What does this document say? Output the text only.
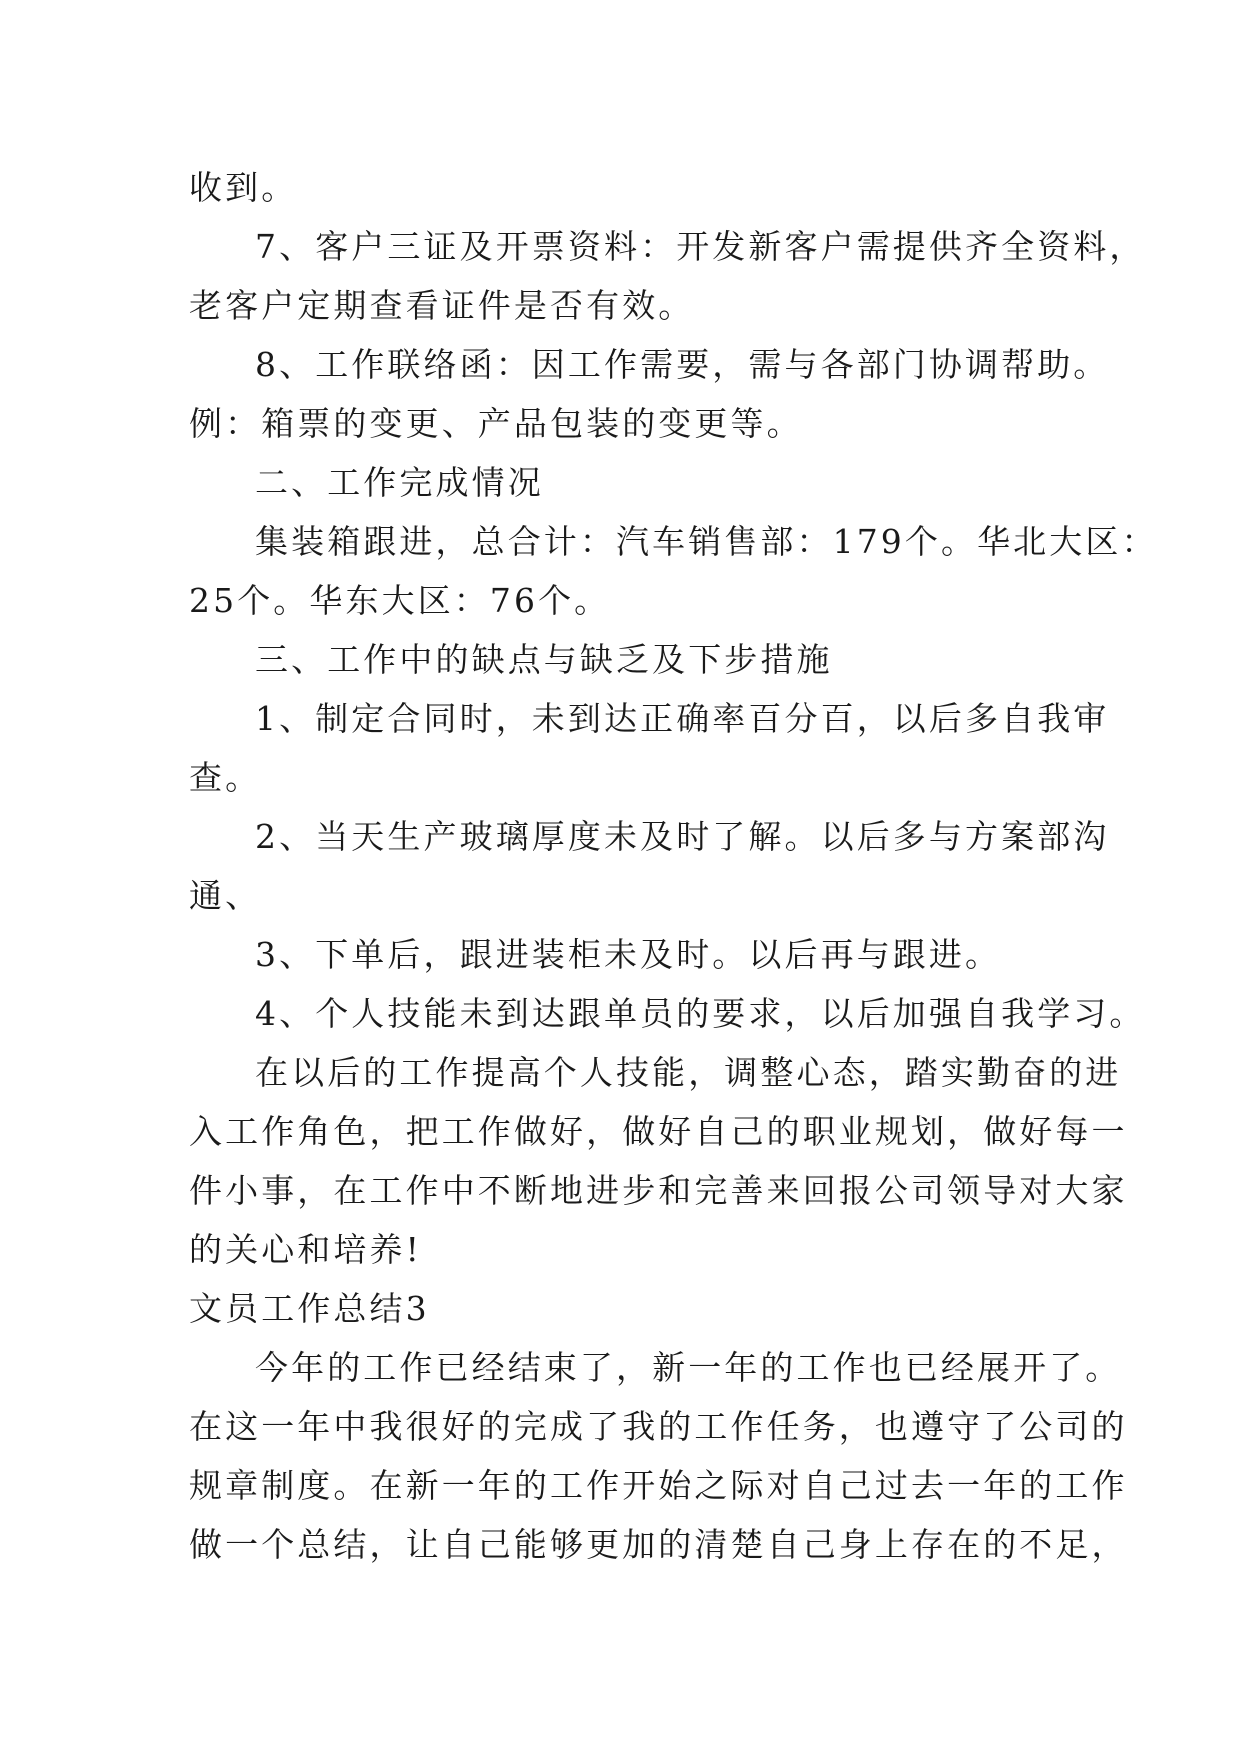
收到。
7、客户三证及开票资料：开发新客户需提供齐全资料，
老客户定期查看证件是否有效。
8、工作联络函：因工作需要，需与各部门协调帮助。
例：箱票的变更、产品包装的变更等。
二、工作完成情况
集装箱跟进，总合计：汽车销售部：179个。华北大区：
25个。华东大区：76个。
三、工作中的缺点与缺乏及下步措施
1、制定合同时，未到达正确率百分百，以后多自我审
查。
2、当天生产玻璃厚度未及时了解。以后多与方案部沟
通、
3、下单后，跟进装柜未及时。以后再与跟进。
4、个人技能未到达跟单员的要求，以后加强自我学习。
在以后的工作提高个人技能，调整心态，踏实勤奋的进
入工作角色，把工作做好，做好自己的职业规划，做好每一
件小事，在工作中不断地进步和完善来回报公司领导对大家
的关心和培养!
文员工作总结3
今年的工作已经结束了，新一年的工作也已经展开了。
在这一年中我很好的完成了我的工作任务，也遵守了公司的
规章制度。在新一年的工作开始之际对自己过去一年的工作
做一个总结，让自己能够更加的清楚自己身上存在的不足，
